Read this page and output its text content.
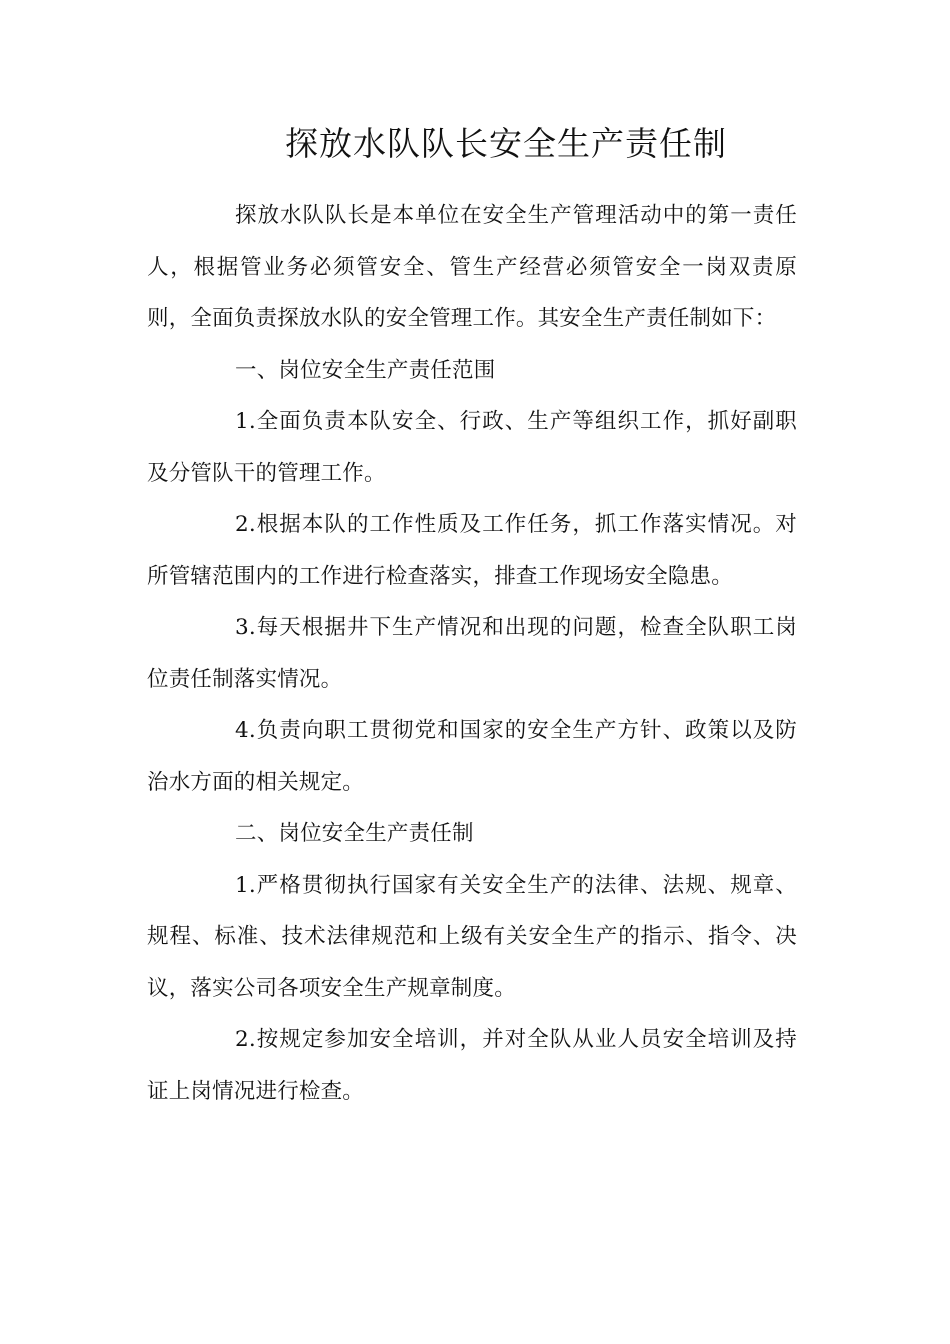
探放水队队长安全生产责任制

探放水队队长是本单位在安全生产管理活动中的第一责任人，根据管业务必须管安全、管生产经营必须管安全一岗双责原则，全面负责探放水队的安全管理工作。其安全生产责任制如下：

一、岗位安全生产责任范围

1.全面负责本队安全、行政、生产等组织工作，抓好副职及分管队干的管理工作。

2.根据本队的工作性质及工作任务，抓工作落实情况。对所管辖范围内的工作进行检查落实，排查工作现场安全隐患。

3.每天根据井下生产情况和出现的问题，检查全队职工岗位责任制落实情况。

4.负责向职工贯彻党和国家的安全生产方针、政策以及防治水方面的相关规定。

二、岗位安全生产责任制

1.严格贯彻执行国家有关安全生产的法律、法规、规章、规程、标准、技术法律规范和上级有关安全生产的指示、指令、决议，落实公司各项安全生产规章制度。

2.按规定参加安全培训，并对全队从业人员安全培训及持证上岗情况进行检查。
